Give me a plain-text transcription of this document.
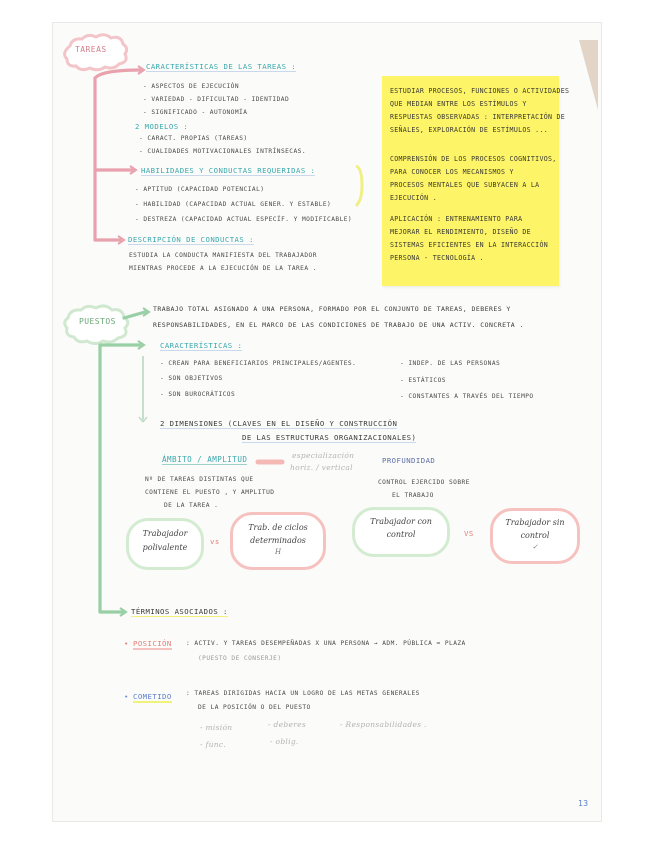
TAREAS
CARACTERÍSTICAS DE LAS TAREAS :
- ASPECTOS DE EJECUCIÓN
- VARIEDAD - DIFICULTAD - IDENTIDAD
- SIGNIFICADO - AUTONOMÍA
2 MODELOS :
- CARACT. PROPIAS (TAREAS)
- CUALIDADES MOTIVACIONALES INTRÍNSECAS.
HABILIDADES Y CONDUCTAS REQUERIDAS :
- APTITUD (CAPACIDAD POTENCIAL)
- HABILIDAD (CAPACIDAD ACTUAL GENER. Y ESTABLE)
- DESTREZA (CAPACIDAD ACTUAL ESPECÍF. Y MODIFICABLE)
DESCRIPCIÓN DE CONDUCTAS :
ESTUDIA LA CONDUCTA MANIFIESTA DEL TRABAJADOR
MIENTRAS PROCEDE A LA EJECUCIÓN DE LA TAREA .
ESTUDIAR PROCESOS, FUNCIONES O ACTIVIDADES
QUE MEDIAN ENTRE LOS ESTÍMULOS Y
RESPUESTAS OBSERVADAS : INTERPRETACIÓN DE
SEÑALES, EXPLORACIÓN DE ESTÍMULOS ...
COMPRENSIÓN DE LOS PROCESOS COGNITIVOS,
PARA CONOCER LOS MECANISMOS Y
PROCESOS MENTALES QUE SUBYACEN A LA
EJECUCIÓN .
APLICACIÓN : ENTRENAMIENTO PARA
MEJORAR EL RENDIMIENTO, DISEÑO DE
SISTEMAS EFICIENTES EN LA INTERACCIÓN
PERSONA - TECNOLOGÍA .
PUESTOS
TRABAJO TOTAL ASIGNADO A UNA PERSONA, FORMADO POR EL CONJUNTO DE TAREAS, DEBERES Y
RESPONSABILIDADES, EN EL MARCO DE LAS CONDICIONES DE TRABAJO DE UNA ACTIV. CONCRETA .
CARACTERÍSTICAS :
- CREAN PARA BENEFICIARIOS PRINCIPALES/AGENTES.
- SON OBJETIVOS
- SON BUROCRÁTICOS
- INDEP. DE LAS PERSONAS
- ESTÁTICOS
- CONSTANTES A TRAVÉS DEL TIEMPO
2 DIMENSIONES (CLAVES EN EL DISEÑO Y CONSTRUCCIÓN
DE LAS ESTRUCTURAS ORGANIZACIONALES)
ÁMBITO / AMPLITUD	especialización
horiz. / vertical
Nº DE TAREAS DISTINTAS QUE
CONTIENE EL PUESTO , Y AMPLITUD
DE LA TAREA .
Trabajador
polivalente
vs
Trab. de ciclos
determinados
H
PROFUNDIDAD
CONTROL EJERCIDO SOBRE
EL TRABAJO
Trabajador con
control	VS
Trabajador sin
control
✓
TÉRMINOS ASOCIADOS :
• POSICIÓN : ACTIV. Y TAREAS DESEMPEÑADAS X UNA PERSONA → ADM. PÚBLICA = PLAZA
(PUESTO DE CONSERJE)
• COMETIDO : TAREAS DIRIGIDAS HACIA UN LOGRO DE LAS METAS GENERALES
DE LA POSICIÓN O DEL PUESTO
- misión	- deberes	- Responsabilidades .
- func.	- oblig.
13
